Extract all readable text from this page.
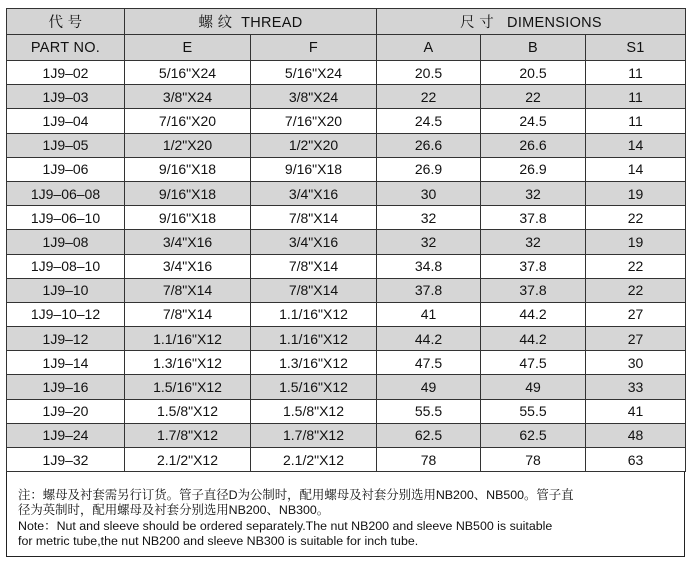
代 号	螺 纹 THREAD		尺 寸 DIMENSIONS		
PART NO.	E	F	A	B	S1
1J9–02	5/16"X24	5/16"X24	20.5	20.5	11
1J9–03	3/8"X24	3/8"X24	22	22	11
1J9–04	7/16"X20	7/16"X20	24.5	24.5	11
1J9–05	1/2"X20	1/2"X20	26.6	26.6	14
1J9–06	9/16"X18	9/16"X18	26.9	26.9	14
1J9–06–08	9/16"X18	3/4"X16	30	32	19
1J9–06–10	9/16"X18	7/8"X14	32	37.8	22
1J9–08	3/4"X16	3/4"X16	32	32	19
1J9–08–10	3/4"X16	7/8"X14	34.8	37.8	22
1J9–10	7/8"X14	7/8"X14	37.8	37.8	22
1J9–10–12	7/8"X14	1.1/16"X12	41	44.2	27
1J9–12	1.1/16"X12	1.1/16"X12	44.2	44.2	27
1J9–14	1.3/16"X12	1.3/16"X12	47.5	47.5	30
1J9–16	1.5/16"X12	1.5/16"X12	49	49	33
1J9–20	1.5/8"X12	1.5/8"X12	55.5	55.5	41
1J9–24	1.7/8"X12	1.7/8"X12	62.5	62.5	48
1J9–32	2.1/2"X12	2.1/2"X12	78	78	63
注：螺母及衬套需另行订货。管子直径D为公制时，配用螺母及衬套分别选用NB200、NB500。管子直
径为英制时，配用螺母及衬套分别选用NB200、NB300。
Note：Nut and sleeve should be ordered separately.The nut NB200 and sleeve NB500 is suitable
for metric tube,the nut NB200 and sleeve NB300 is suitable for inch tube.
